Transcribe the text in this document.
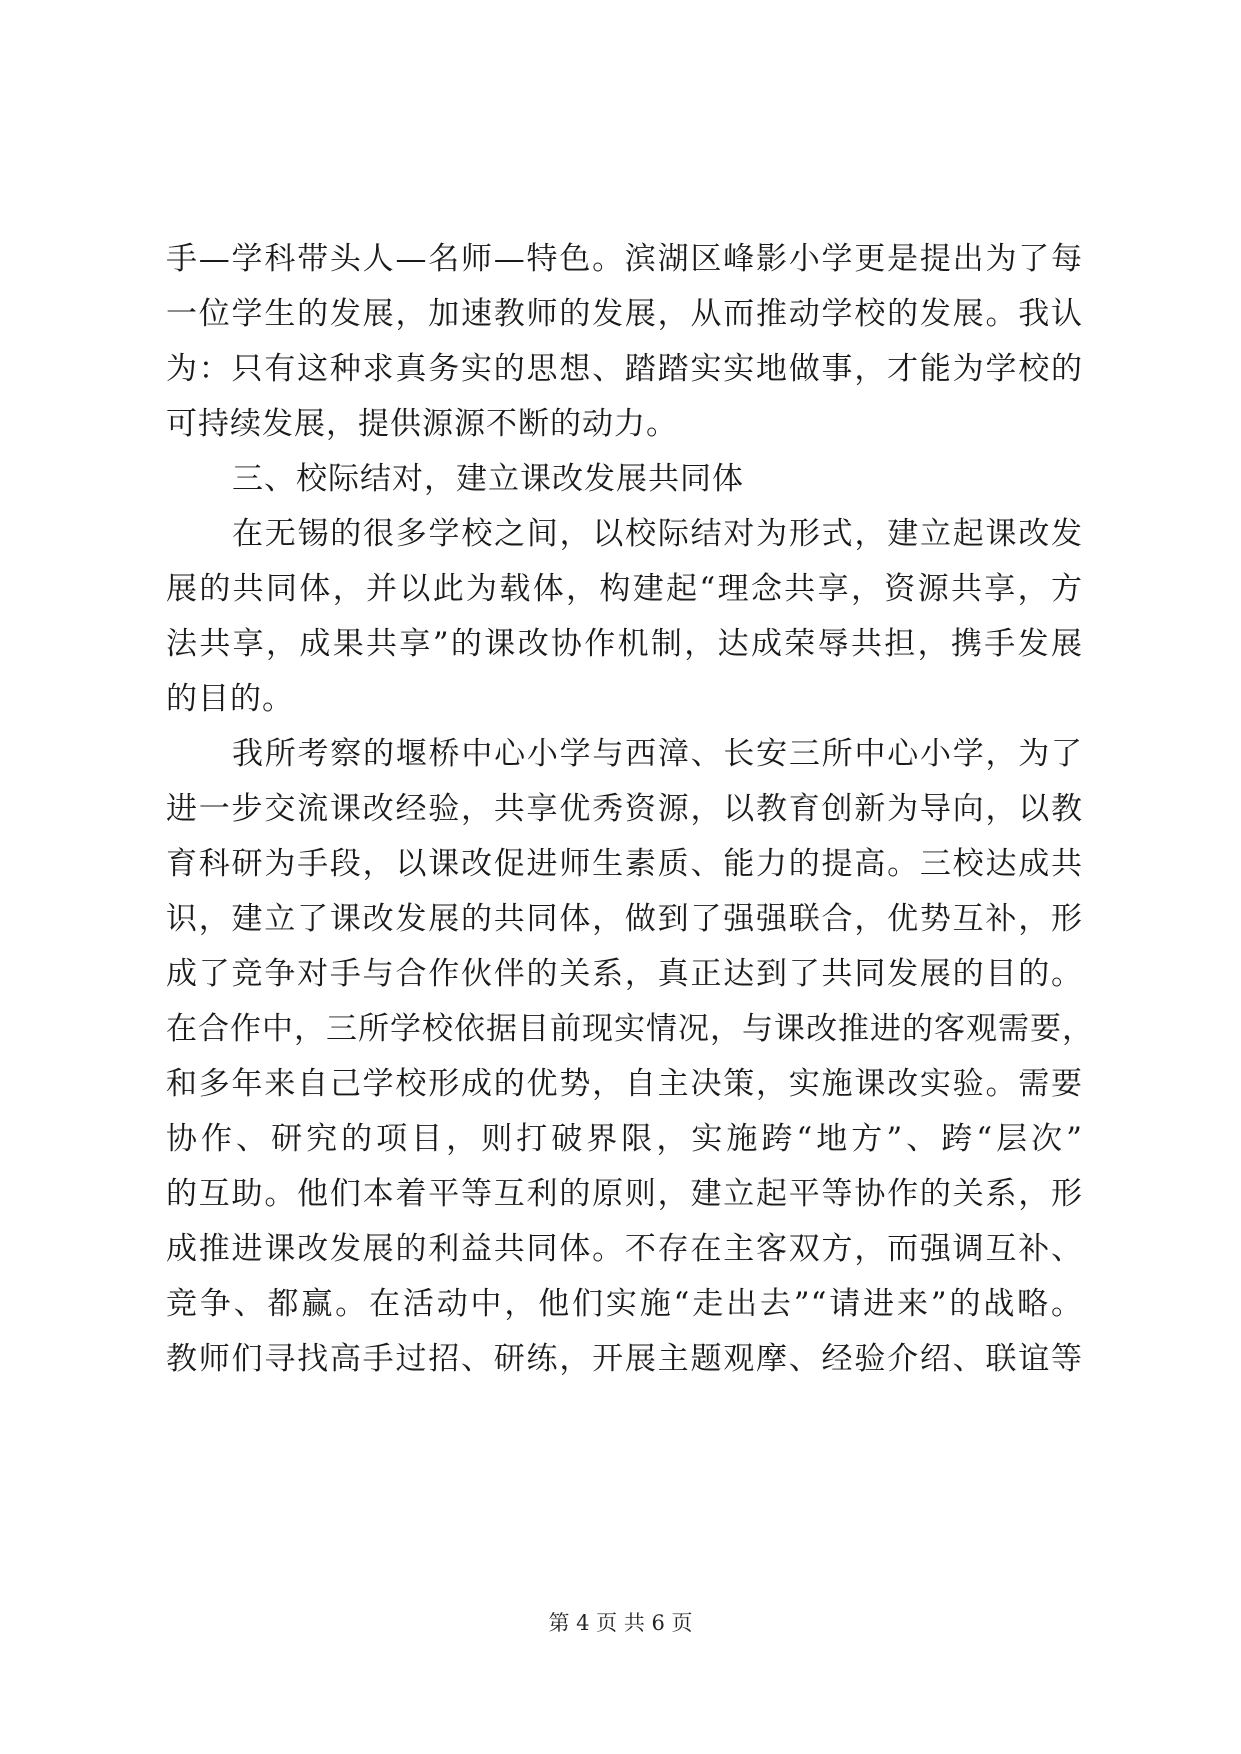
手—学科带头人—名师—特色。滨湖区峰影小学更是提出为了每
一位学生的发展，加速教师的发展，从而推动学校的发展。我认
为：只有这种求真务实的思想、踏踏实实地做事，才能为学校的
可持续发展，提供源源不断的动力。
三、校际结对，建立课改发展共同体
在无锡的很多学校之间，以校际结对为形式，建立起课改发
展的共同体，并以此为载体，构建起“理念共享，资源共享，方
法共享，成果共享”的课改协作机制，达成荣辱共担，携手发展
的目的。
我所考察的堰桥中心小学与西漳、长安三所中心小学，为了
进一步交流课改经验，共享优秀资源，以教育创新为导向，以教
育科研为手段，以课改促进师生素质、能力的提高。三校达成共
识，建立了课改发展的共同体，做到了强强联合，优势互补，形
成了竞争对手与合作伙伴的关系，真正达到了共同发展的目的。
在合作中，三所学校依据目前现实情况，与课改推进的客观需要，
和多年来自己学校形成的优势，自主决策，实施课改实验。需要
协作、研究的项目，则打破界限，实施跨“地方”、跨“层次”
的互助。他们本着平等互利的原则，建立起平等协作的关系，形
成推进课改发展的利益共同体。不存在主客双方，而强调互补、
竞争、都赢。在活动中，他们实施“走出去”“请进来”的战略。
教师们寻找高手过招、研练，开展主题观摩、经验介绍、联谊等
第 4 页 共 6 页
